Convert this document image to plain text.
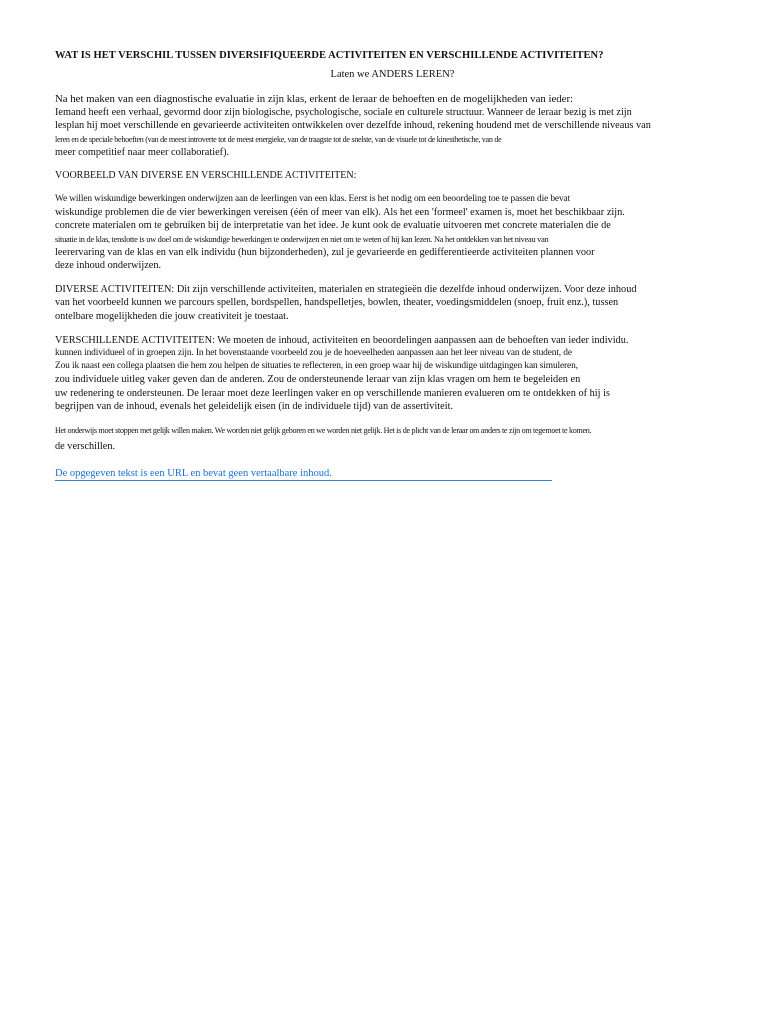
WAT IS HET VERSCHIL TUSSEN DIVERSIFIQUEERDE ACTIVITEITEN EN VERSCHILLENDE ACTIVITEITEN?
Laten we ANDERS LEREN?
Na het maken van een diagnostische evaluatie in zijn klas, erkent de leraar de behoeften en de mogelijkheden van ieder:
Iemand heeft een verhaal, gevormd door zijn biologische, psychologische, sociale en culturele structuur. Wanneer de leraar bezig is met zijn
lesplan hij moet verschillende en gevarieerde activiteiten ontwikkelen over dezelfde inhoud, rekening houdend met de verschillende niveaus van
leren en de speciale behoeften (van de meest introverte tot de meest energieke, van de traagste tot de snelste, van de visuele tot de kinesthetische, van de
meer competitief naar meer collaboratief).
VOORBEELD VAN DIVERSE EN VERSCHILLENDE ACTIVITEITEN:
We willen wiskundige bewerkingen onderwijzen aan de leerlingen van een klas. Eerst is het nodig om een beoordeling toe te passen die bevat
wiskundige problemen die de vier bewerkingen vereisen (één of meer van elk). Als het een 'formeel' examen is, moet het beschikbaar zijn.
concrete materialen om te gebruiken bij de interpretatie van het idee. Je kunt ook de evaluatie uitvoeren met concrete materialen die de
situatie in de klas, tenslotte is uw doel om de wiskundige bewerkingen te onderwijzen en niet om te weten of hij kan lezen. Na het ontdekken van het niveau van
leerervaring van de klas en van elk individu (hun bijzonderheden), zul je gevarieerde en gedifferentieerde activiteiten plannen voor
deze inhoud onderwijzen.
DIVERSE ACTIVITEITEN: Dit zijn verschillende activiteiten, materialen en strategieën die dezelfde inhoud onderwijzen. Voor deze inhoud
van het voorbeeld kunnen we parcours spellen, bordspellen, handspelletjes, bowlen, theater, voedingsmiddelen (snoep, fruit enz.), tussen
ontelbare mogelijkheden die jouw creativiteit je toestaat.
VERSCHILLENDE ACTIVITEITEN: We moeten de inhoud, activiteiten en beoordelingen aanpassen aan de behoeften van ieder individu.
kunnen individueel of in groepen zijn. In het bovenstaande voorbeeld zou je de hoeveelheden aanpassen aan het leer niveau van de student, de
Zou ik naast een collega plaatsen die hem zou helpen de situaties te reflecteren, in een groep waar hij de wiskundige uitdagingen kan simuleren,
zou individuele uitleg vaker geven dan de anderen. Zou de ondersteunende leraar van zijn klas vragen om hem te begeleiden en
uw redenering te ondersteunen. De leraar moet deze leerlingen vaker en op verschillende manieren evalueren om te ontdekken of hij is
begrijpen van de inhoud, evenals het geleidelijk eisen (in de individuele tijd) van de assertiviteit.
Het onderwijs moet stoppen met gelijk willen maken. We worden niet gelijk geboren en we worden niet gelijk. Het is de plicht van de leraar om anders te zijn om tegemoet te komen.
de verschillen.
De opgegeven tekst is een URL en bevat geen vertaalbare inhoud.
